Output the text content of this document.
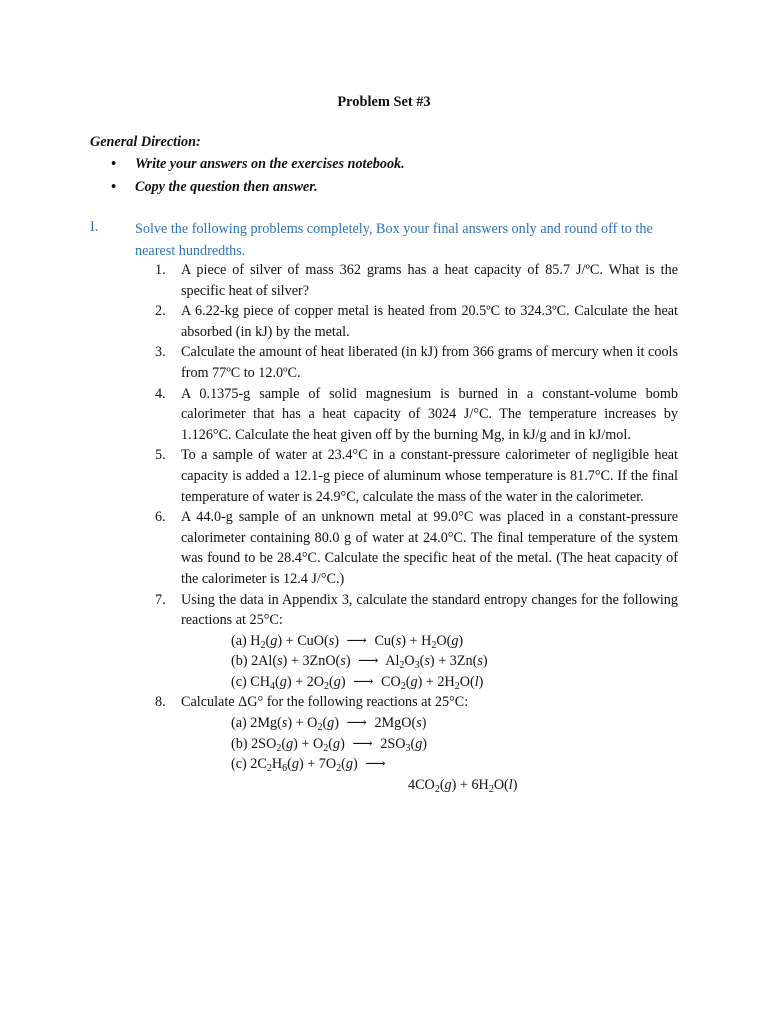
Problem Set #3
General Direction:
• Write your answers on the exercises notebook.
• Copy the question then answer.
I.	Solve the following problems completely, Box your final answers only and round off to the nearest hundredths.
1. A piece of silver of mass 362 grams has a heat capacity of 85.7 J/ºC. What is the specific heat of silver?
2. A 6.22-kg piece of copper metal is heated from 20.5ºC to 324.3ºC. Calculate the heat absorbed (in kJ) by the metal.
3. Calculate the amount of heat liberated (in kJ) from 366 grams of mercury when it cools from 77ºC to 12.0ºC.
4. A 0.1375-g sample of solid magnesium is burned in a constant-volume bomb calorimeter that has a heat capacity of 3024 J/°C. The temperature increases by 1.126°C. Calculate the heat given off by the burning Mg, in kJ/g and in kJ/mol.
5. To a sample of water at 23.4°C in a constant-pressure calorimeter of negligible heat capacity is added a 12.1-g piece of aluminum whose temperature is 81.7°C. If the final temperature of water is 24.9°C, calculate the mass of the water in the calorimeter.
6. A 44.0-g sample of an unknown metal at 99.0°C was placed in a constant-pressure calorimeter containing 80.0 g of water at 24.0°C. The final temperature of the system was found to be 28.4°C. Calculate the specific heat of the metal. (The heat capacity of the calorimeter is 12.4 J/°C.)
7. Using the data in Appendix 3, calculate the standard entropy changes for the following reactions at 25°C:
(a) $H_2(g) + CuO(s)$ ⟶ $Cu(s) + H_2O(g)$
(b) 2Al(s) + 3ZnO(s) ⟶ $Al_2O_3(s) + 3Zn(s)$
(c) $CH_4(g) + 2O_2(g)$ ⟶ $CO_2(g) + 2H_2O(l)$
8. Calculate ΔG° for the following reactions at 25°C:
(a) $2Mg(s) + O_2(g)$ ⟶ 2MgO(s)
(b) $2SO_2(g) + O_2(g)$ ⟶ $2SO_3(g)$
(c) $2C_2H_6(g) + 7O_2(g)$ ⟶
$4CO_2(g) + 6H_2O(l)$
